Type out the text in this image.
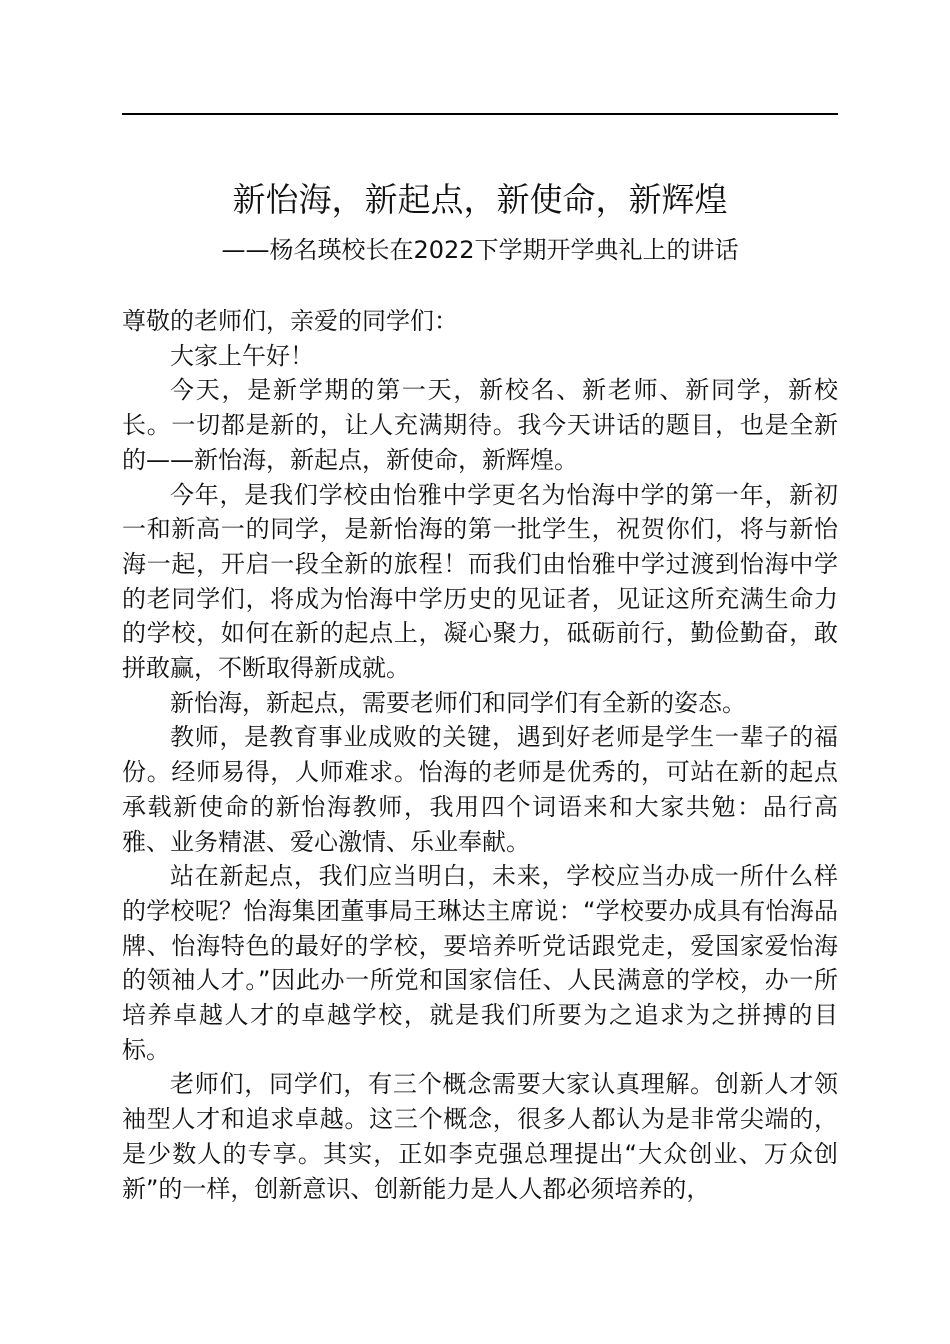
新怡海，新起点，新使命，新辉煌
——杨名瑛校长在2022下学期开学典礼上的讲话

尊敬的老师们，亲爱的同学们：

大家上午好！

今天，是新学期的第一天，新校名、新老师、新同学，新校长。一切都是新的，让人充满期待。我今天讲话的题目，也是全新的——新怡海，新起点，新使命，新辉煌。

今年，是我们学校由怡雅中学更名为怡海中学的第一年，新初一和新高一的同学，是新怡海的第一批学生，祝贺你们，将与新怡海一起，开启一段全新的旅程！而我们由怡雅中学过渡到怡海中学的老同学们，将成为怡海中学历史的见证者，见证这所充满生命力的学校，如何在新的起点上，凝心聚力，砥砺前行，勤俭勤奋，敢拼敢赢，不断取得新成就。

新怡海，新起点，需要老师们和同学们有全新的姿态。

教师，是教育事业成败的关键，遇到好老师是学生一辈子的福份。经师易得，人师难求。怡海的老师是优秀的，可站在新的起点承载新使命的新怡海教师，我用四个词语来和大家共勉：品行高雅、业务精湛、爱心激情、乐业奉献。

站在新起点，我们应当明白，未来，学校应当办成一所什么样的学校呢？怡海集团董事局王琳达主席说：“学校要办成具有怡海品牌、怡海特色的最好的学校，要培养听党话跟党走，爱国家爱怡海的领袖人才。”因此办一所党和国家信任、人民满意的学校，办一所培养卓越人才的卓越学校，就是我们所要为之追求为之拼搏的目标。

老师们，同学们，有三个概念需要大家认真理解。创新人才领袖型人才和追求卓越。这三个概念，很多人都认为是非常尖端的，是少数人的专享。其实，正如李克强总理提出“大众创业、万众创新”的一样，创新意识、创新能力是人人都必须培养的，
